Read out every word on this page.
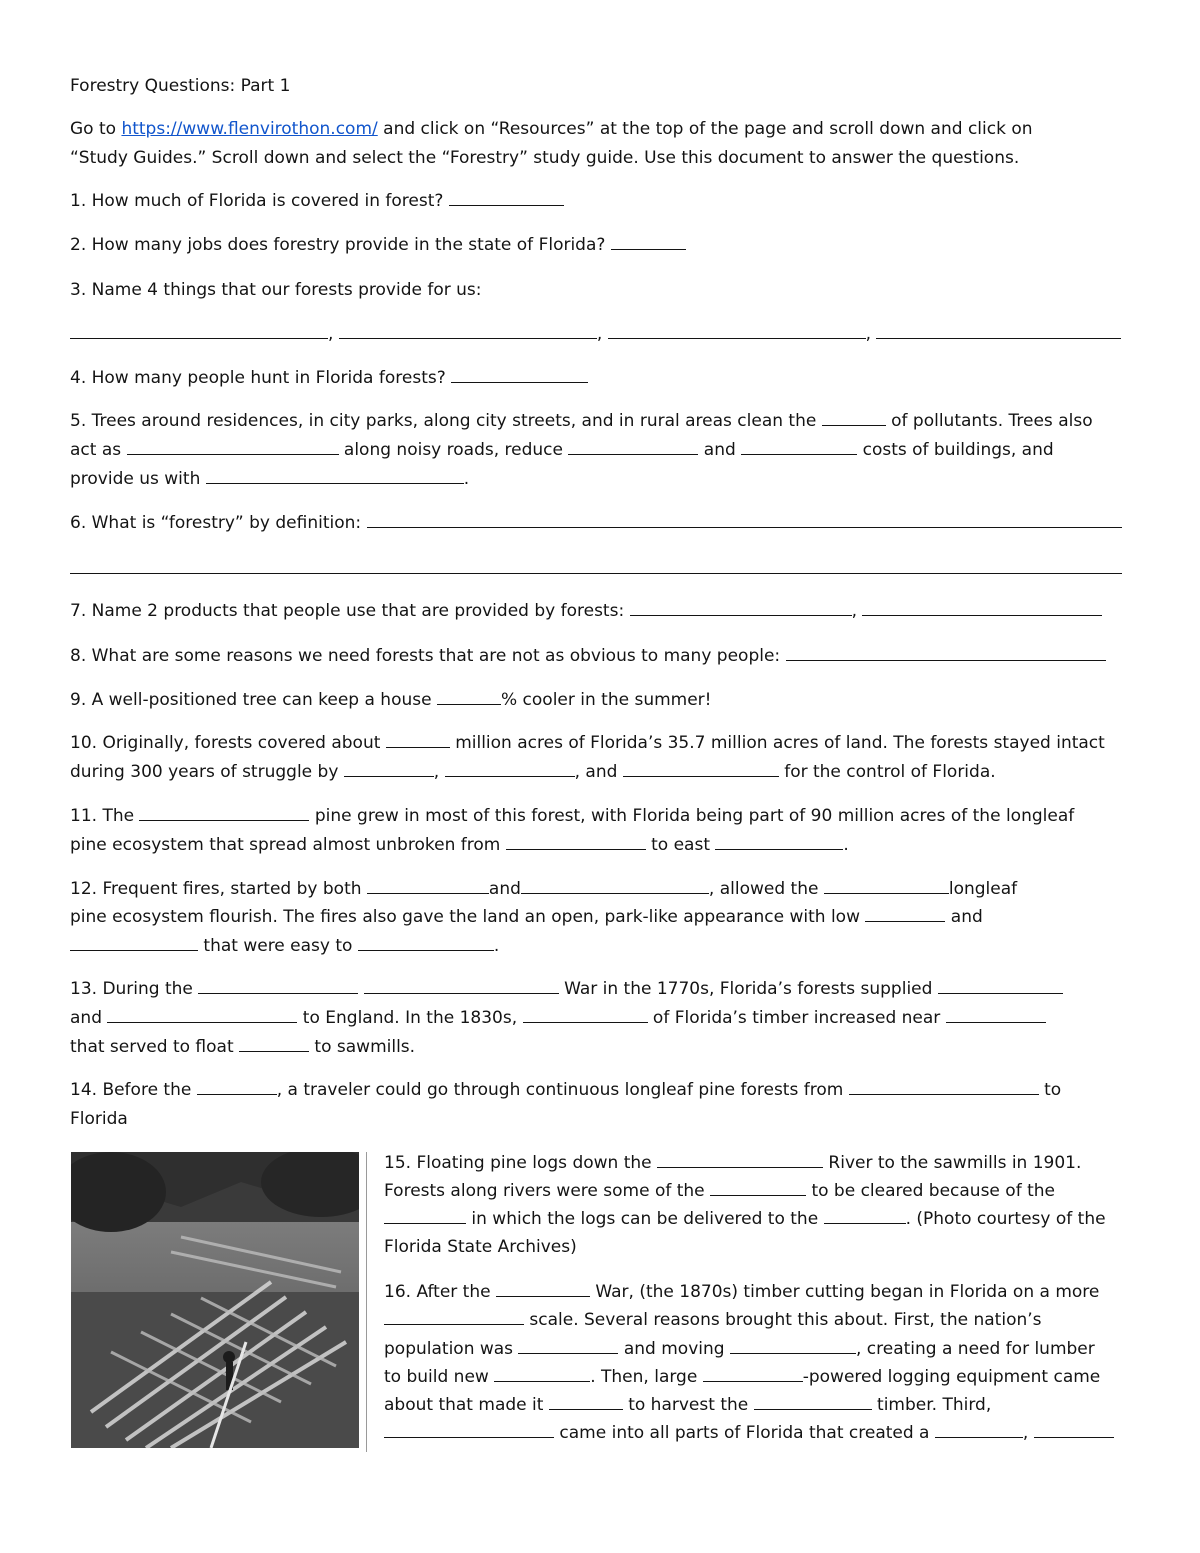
Forestry Questions: Part 1
Go to https://www.flenvirothon.com/ and click on “Resources” at the top of the page and scroll down and click on
“Study Guides.” Scroll down and select the “Forestry” study guide. Use this document to answer the questions.
1. How much of Florida is covered in forest?
2. How many jobs does forestry provide in the state of Florida?
3. Name 4 things that our forests provide for us:
,	,	,
4. How many people hunt in Florida forests?
5. Trees around residences, in city parks, along city streets, and in rural areas clean the	of pollutants. Trees also
act as	along noisy roads, reduce	and	costs of buildings, and
provide us with	.
6. What is “forestry” by definition:
7. Name 2 products that people use that are provided by forests:	,
8. What are some reasons we need forests that are not as obvious to many people:
9. A well-positioned tree can keep a house	% cooler in the summer!
10. Originally, forests covered about	million acres of Florida’s 35.7 million acres of land. The forests stayed intact
during 300 years of struggle by	,	, and	for the control of Florida.
11. The	pine grew in most of this forest, with Florida being part of 90 million acres of the longleaf
pine ecosystem that spread almost unbroken from	to east	.
12. Frequent fires, started by both	and	, allowed the	longleaf
pine ecosystem flourish. The fires also gave the land an open, park-like appearance with low	and
that were easy to	.
13. During the	War in the 1770s, Florida’s forests supplied
and	to England. In the 1830s,	of Florida’s timber increased near
that served to float	to sawmills.
14. Before the	, a traveler could go through continuous longleaf pine forests from	to
Florida
15. Floating pine logs down the	River to the sawmills in 1901.
Forests along rivers were some of the	to be cleared because of the
in which the logs can be delivered to the	. (Photo courtesy of the
Florida State Archives)
16. After the	War, (the 1870s) timber cutting began in Florida on a more
scale. Several reasons brought this about. First, the nation’s
population was	and moving	, creating a need for lumber
to build new	. Then, large	-powered logging equipment came
about that made it	to harvest the	timber. Third,
came into all parts of Florida that created a	,
